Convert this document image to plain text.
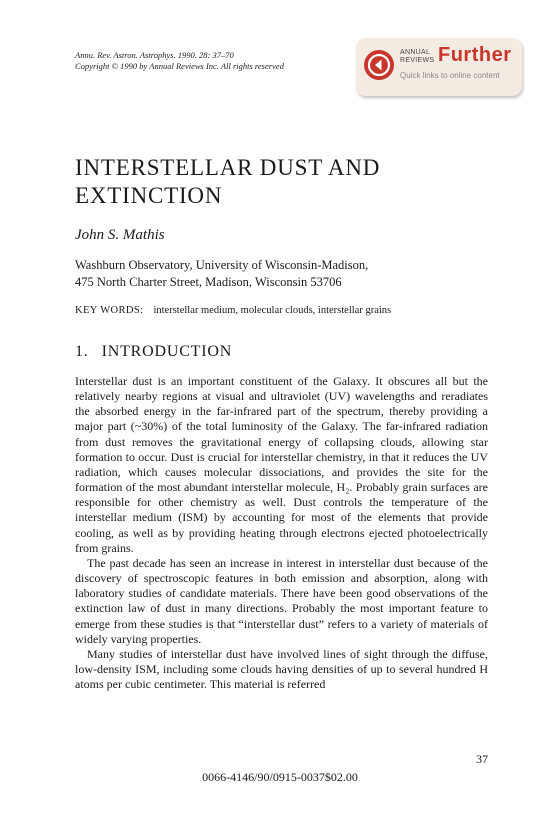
Annu. Rev. Astron. Astrophys. 1990. 28: 37–70
Copyright © 1990 by Annual Reviews Inc. All rights reserved
ANNUAL
REVIEWS Further
Quick links to online content
INTERSTELLAR DUST AND
EXTINCTION
John S. Mathis
Washburn Observatory, University of Wisconsin-Madison,
475 North Charter Street, Madison, Wisconsin 53706
KEY WORDS: interstellar medium, molecular clouds, interstellar grains
1. INTRODUCTION

Interstellar dust is an important constituent of the Galaxy. It obscures all but the relatively nearby regions at visual and ultraviolet (UV) wavelengths and reradiates the absorbed energy in the far-infrared part of the spectrum, thereby providing a major part (~30%) of the total luminosity of the Galaxy. The far-infrared radiation from dust removes the gravitational energy of collapsing clouds, allowing star formation to occur. Dust is crucial for interstellar chemistry, in that it reduces the UV radiation, which causes molecular dissociations, and provides the site for the formation of the most abundant interstellar molecule, H₂. Probably grain surfaces are responsible for other chemistry as well. Dust controls the temperature of the interstellar medium (ISM) by accounting for most of the elements that provide cooling, as well as by providing heating through electrons ejected photoelectrically from grains.

The past decade has seen an increase in interest in interstellar dust because of the discovery of spectroscopic features in both emission and absorption, along with laboratory studies of candidate materials. There have been good observations of the extinction law of dust in many directions. Probably the most important feature to emerge from these studies is that “interstellar dust” refers to a variety of materials of widely varying properties.

Many studies of interstellar dust have involved lines of sight through the diffuse, low-density ISM, including some clouds having densities of up to several hundred H atoms per cubic centimeter. This material is referred

37
0066-4146/90/0915-0037$02.00
